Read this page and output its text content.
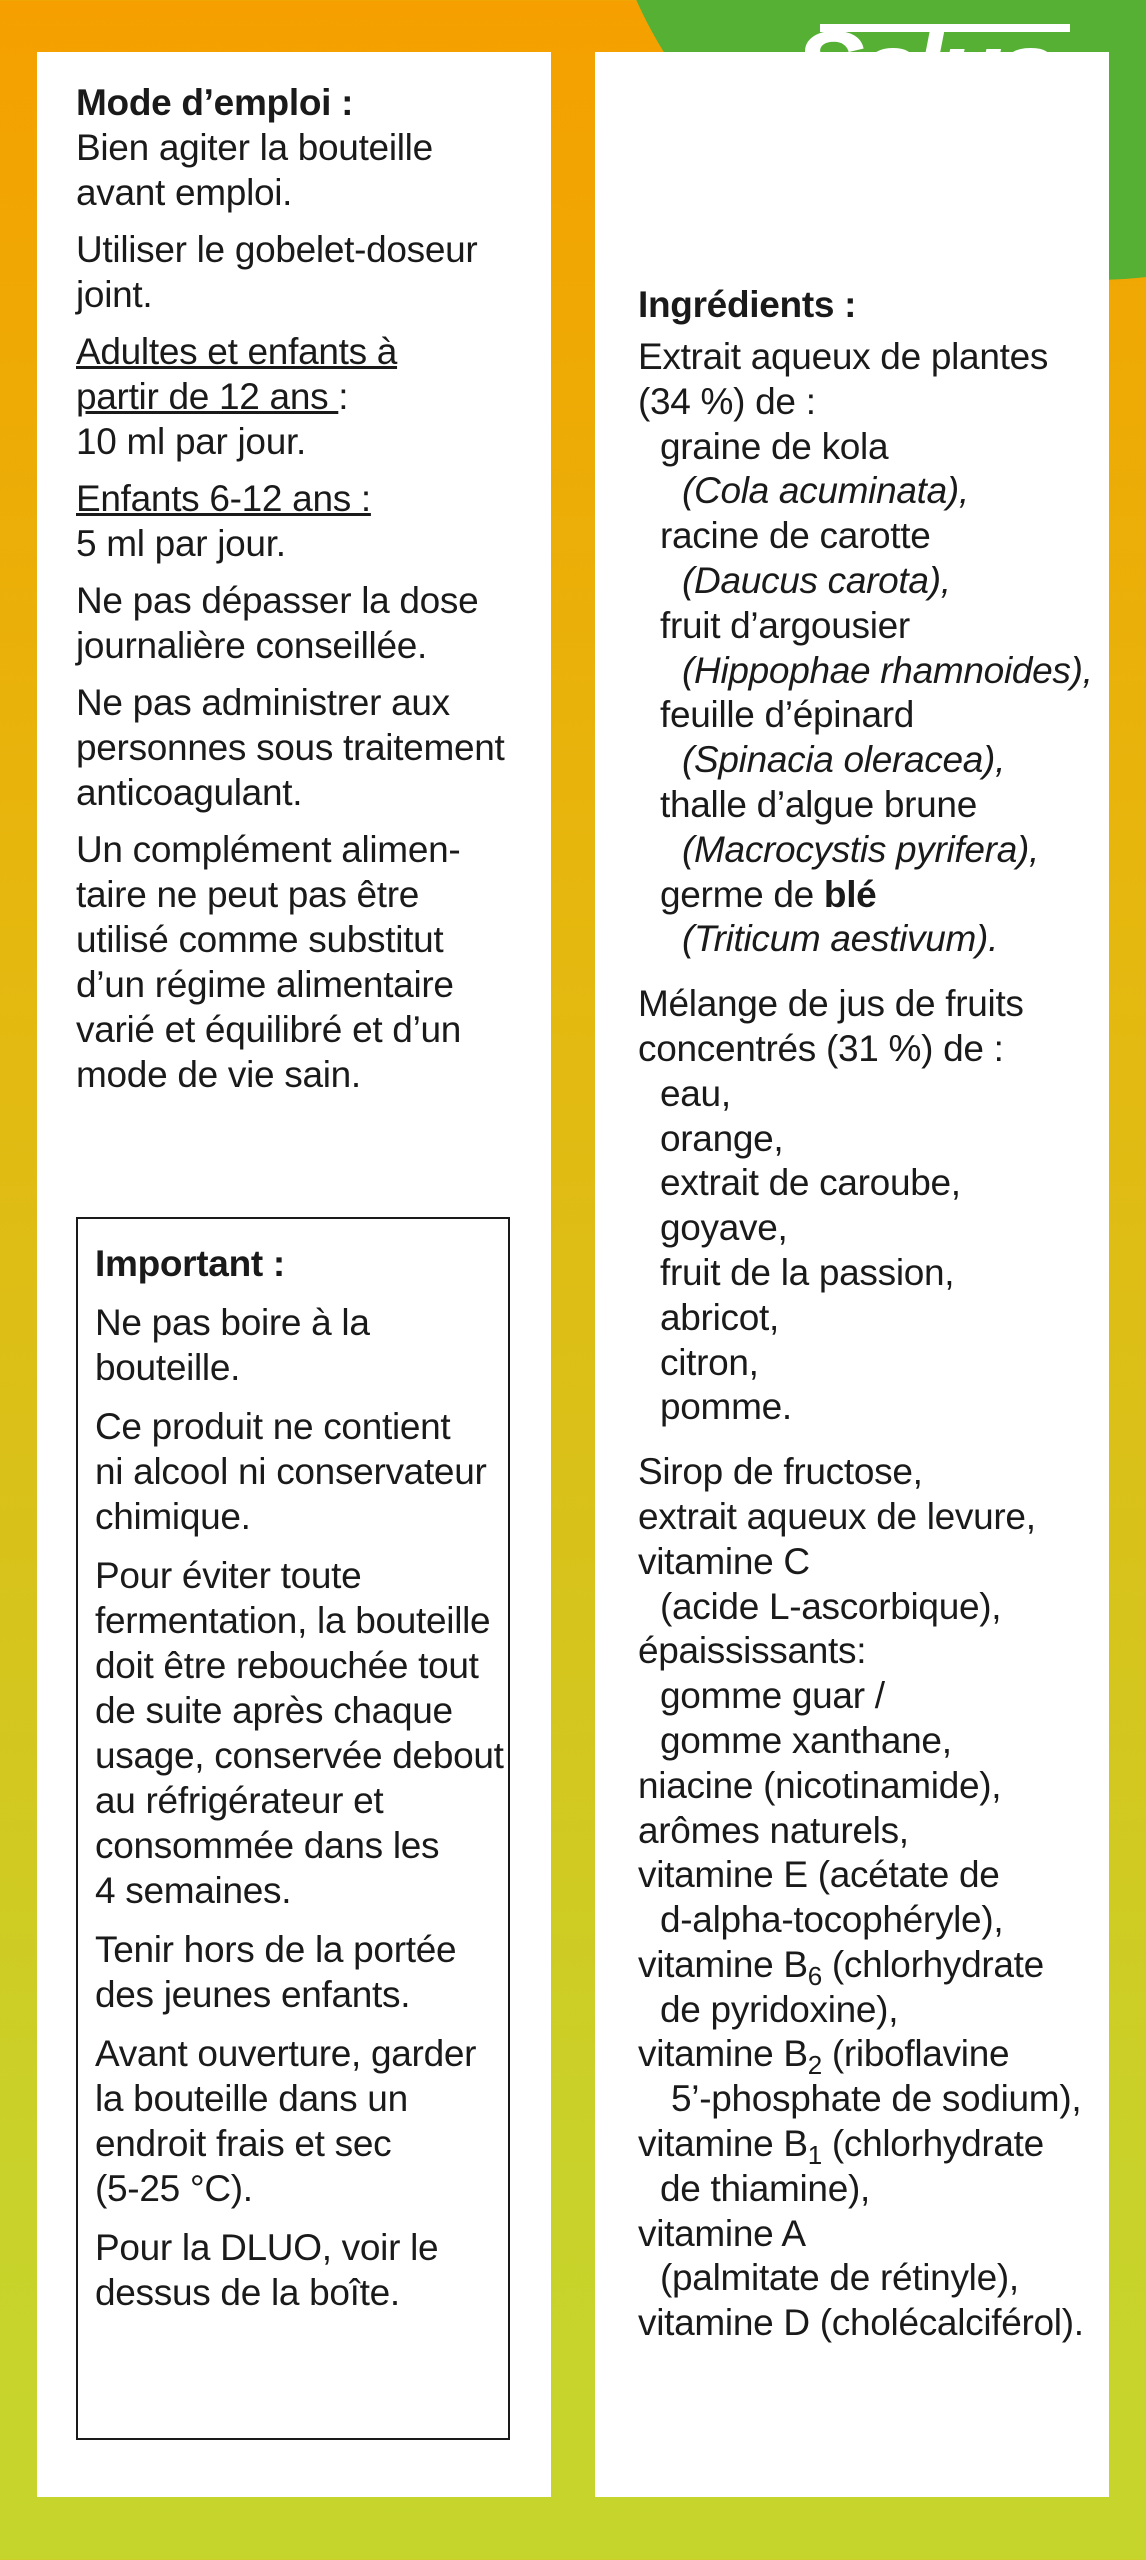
Mode d’emploi :
Bien agiter la bouteille
avant emploi.
Utiliser le gobelet-doseur
joint.
Adultes et enfants à
partir de 12 ans :
10 ml par jour.
Enfants 6-12 ans :
5 ml par jour.
Ne pas dépasser la dose
journalière conseillée.
Ne pas administrer aux
personnes sous traitement
anticoagulant.
Un complément alimen-
taire ne peut pas être
utilisé comme substitut
d’un régime alimentaire
varié et équilibré et d’un
mode de vie sain.
Important :
Ne pas boire à la
bouteille.
Ce produit ne contient
ni alcool ni conservateur
chimique.
Pour éviter toute
fermentation, la bouteille
doit être rebouchée tout
de suite après chaque
usage, conservée debout
au réfrigérateur et
consommée dans les
4 semaines.
Tenir hors de la portée
des jeunes enfants.
Avant ouverture, garder
la bouteille dans un
endroit frais et sec
(5-25 °C).
Pour la DLUO, voir le
dessus de la boîte.
Ingrédients :
Extrait aqueux de plantes
(34 %) de :
graine de kola
(Cola acuminata),
racine de carotte
(Daucus carota),
fruit d’argousier
(Hippophae rhamnoides),
feuille d’épinard
(Spinacia oleracea),
thalle d’algue brune
(Macrocystis pyrifera),
germe de blé
(Triticum aestivum).
Mélange de jus de fruits
concentrés (31 %) de :
eau,
orange,
extrait de caroube,
goyave,
fruit de la passion,
abricot,
citron,
pomme.
Sirop de fructose,
extrait aqueux de levure,
vitamine C
(acide L-ascorbique),
épaississants:
gomme guar /
gomme xanthane,
niacine (nicotinamide),
arômes naturels,
vitamine E (acétate de
d-alpha-tocophéryle),
vitamine $B_6$ (chlorhydrate
de pyridoxine),
vitamine $B_2$ (riboflavine
5’-phosphate de sodium),
vitamine $B_1$ (chlorhydrate
de thiamine),
vitamine A
(palmitate de rétinyle),
vitamine D (cholécalciférol).
